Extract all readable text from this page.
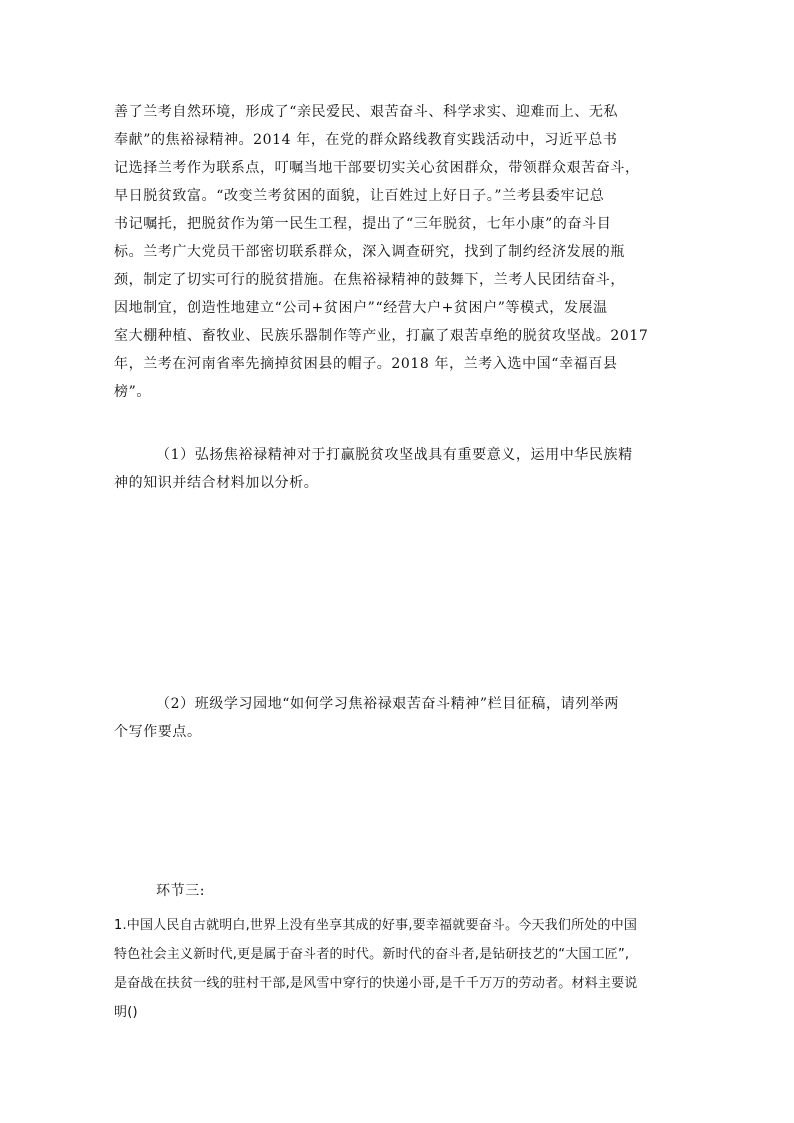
善了兰考自然环境，形成了“亲民爱民、艰苦奋斗、科学求实、迎难而上、无私
奉献”的焦裕禄精神。2014 年，在党的群众路线教育实践活动中，习近平总书
记选择兰考作为联系点，叮嘱当地干部要切实关心贫困群众，带领群众艰苦奋斗，
早日脱贫致富。“改变兰考贫困的面貌，让百姓过上好日子。”兰考县委牢记总
书记嘱托，把脱贫作为第一民生工程，提出了“三年脱贫，七年小康”的奋斗目
标。兰考广大党员干部密切联系群众，深入调查研究，找到了制约经济发展的瓶
颈，制定了切实可行的脱贫措施。在焦裕禄精神的鼓舞下，兰考人民团结奋斗，
因地制宜，创造性地建立“公司+贫困户”“经营大户+贫困户”等模式，发展温
室大棚种植、畜牧业、民族乐器制作等产业，打赢了艰苦卓绝的脱贫攻坚战。2017
年，兰考在河南省率先摘掉贫困县的帽子。2018 年，兰考入选中国“幸福百县
榜”。
（1）弘扬焦裕禄精神对于打赢脱贫攻坚战具有重要意义，运用中华民族精
神的知识并结合材料加以分析。
（2）班级学习园地“如何学习焦裕禄艰苦奋斗精神”栏目征稿，请列举两
个写作要点。
环节三:
1.中国人民自古就明白,世界上没有坐享其成的好事,要幸福就要奋斗。今天我们所处的中国
特色社会主义新时代,更是属于奋斗者的时代。新时代的奋斗者,是钻研技艺的“大国工匠”,
是奋战在扶贫一线的驻村干部,是风雪中穿行的快递小哥,是千千万万的劳动者。材料主要说
明()
